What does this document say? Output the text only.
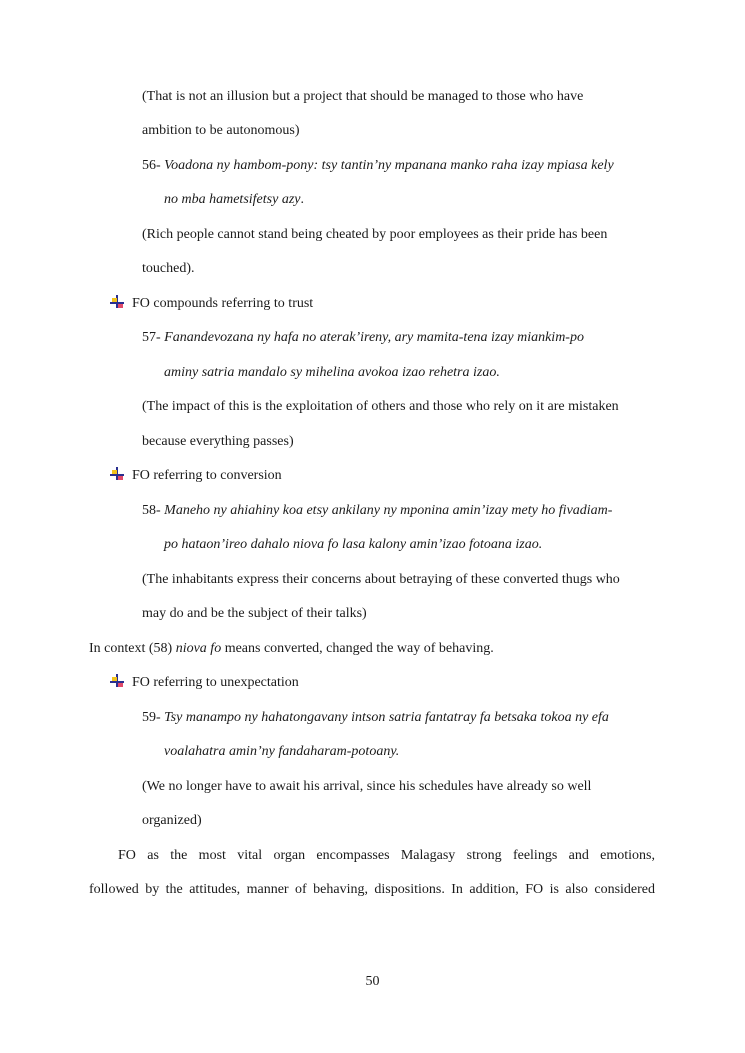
(That is not an illusion but a project that should be managed to those who have
ambition to be autonomous)
56- Voadona ny hambom-pony: tsy tantin’ny mpanana manko raha izay mpiasa kely
no mba hametsifetsy azy.
(Rich people cannot stand being cheated by poor employees as their pride has been
touched).
FO compounds referring to trust
57- Fanandevozana ny hafa no aterak’ireny, ary mamita-tena izay miankim-po
aminy satria mandalo sy mihelina avokoa izao rehetra izao.
(The impact of this is the exploitation of others and those who rely on it are mistaken
because everything passes)
FO referring to conversion
58- Maneho ny ahiahiny koa etsy ankilany ny mponina amin’izay mety ho fivadiam-
po hataon’ireo dahalo niova fo lasa kalony amin’izao fotoana izao.
(The inhabitants express their concerns about betraying of these converted thugs who
may do and be the subject of their talks)
In context (58) niova fo means converted, changed the way of behaving.
FO referring to unexpectation
59- Tsy manampo ny hahatongavany intson satria fantatray fa betsaka tokoa ny efa
voalahatra amin’ny fandaharam-potoany.
(We no longer have to await his arrival, since his schedules have already so well
organized)
FO as the most vital organ encompasses Malagasy strong feelings and emotions,
followed by the attitudes, manner of behaving, dispositions. In addition, FO is also considered
50
